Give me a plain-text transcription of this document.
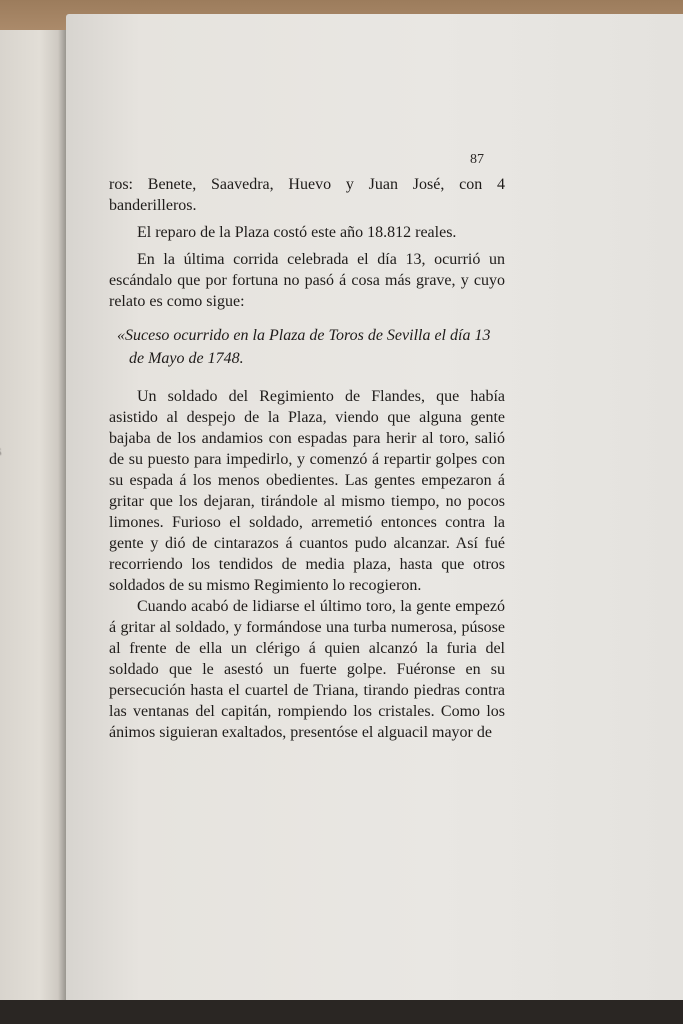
87

ros: Benete, Saavedra, Huevo y Juan José, con 4 banderilleros.

El reparo de la Plaza costó este año 18.812 reales.

En la última corrida celebrada el día 13, ocurrió un escándalo que por fortuna no pasó á cosa más grave, y cuyo relato es como sigue:

«Suceso ocurrido en la Plaza de Toros de Sevilla el día 13 de Mayo de 1748.

Un soldado del Regimiento de Flandes, que había asistido al despejo de la Plaza, viendo que alguna gente bajaba de los andamios con espadas para herir al toro, salió de su puesto para impedirlo, y comenzó á repartir golpes con su espada á los menos obedientes. Las gentes empezaron á gritar que los dejaran, tirándole al mismo tiempo, no pocos limones. Furioso el soldado, arremetió entonces contra la gente y dió de cintarazos á cuantos pudo alcanzar. Así fué recorriendo los tendidos de media plaza, hasta que otros soldados de su mismo Regimiento lo recogieron.

Cuando acabó de lidiarse el último toro, la gente empezó á gritar al soldado, y formándose una turba numerosa, púsose al frente de ella un clérigo á quien alcanzó la furia del soldado que le asestó un fuerte golpe. Fuéronse en su persecución hasta el cuartel de Triana, tirando piedras contra las ventanas del capitán, rompiendo los cristales. Como los ánimos siguieran exaltados, presentóse el alguacil mayor de
